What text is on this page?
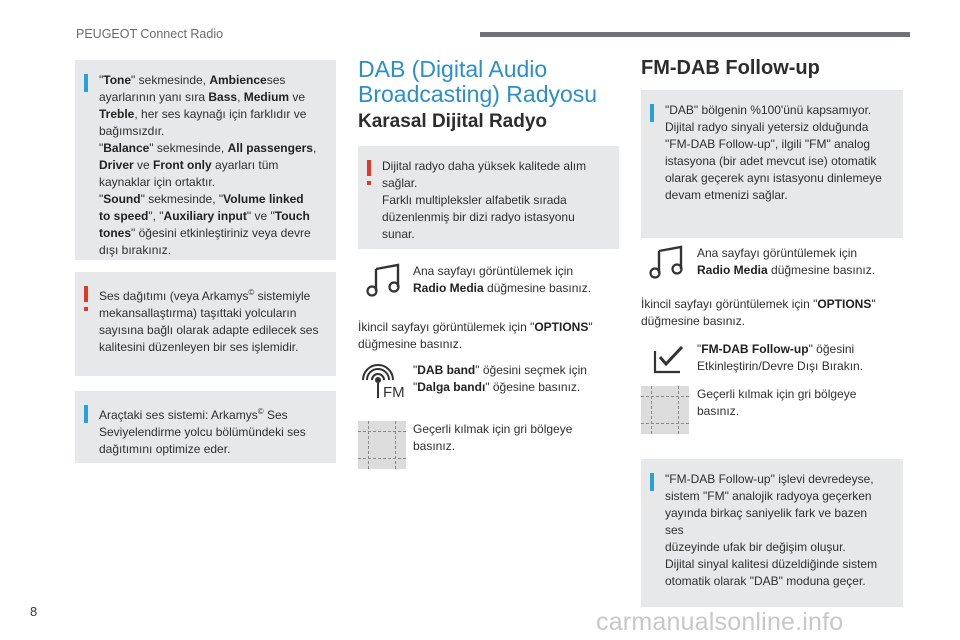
PEUGEOT Connect Radio
8	carmanualsonline.info
"Tone" sekmesinde, Ambienceses
ayarlarının yanı sıra Bass, Medium ve
Treble, her ses kaynağı için farklıdır ve
bağımsızdır.
"Balance" sekmesinde, All passengers,
Driver ve Front only ayarları tüm
kaynaklar için ortaktır.
"Sound" sekmesinde, "Volume linked
to speed", "Auxiliary input" ve "Touch
tones" öğesini etkinleştiriniz veya devre
dışı bırakınız.
Ses dağıtımı (veya Arkamys© sistemiyle
mekansallaştırma) taşıttaki yolcuların
sayısına bağlı olarak adapte edilecek ses
kalitesini düzenleyen bir ses işlemidir.
Araçtaki ses sistemi: Arkamys© Ses
Seviyelendirme yolcu bölümündeki ses
dağıtımını optimize eder.
DAB (Digital Audio
Broadcasting) Radyosu
Karasal Dijital Radyo
Dijital radyo daha yüksek kalitede alım
sağlar.
Farklı multipleksler alfabetik sırada
düzenlenmiş bir dizi radyo istasyonu
sunar.
Ana sayfayı görüntülemek için
Radio Media düğmesine basınız.
İkincil sayfayı görüntülemek için "OPTIONS"
düğmesine basınız.
FM
"DAB band" öğesini seçmek için
"Dalga bandı" öğesine basınız.
Geçerli kılmak için gri bölgeye
basınız.
FM-DAB Follow-up
"DAB" bölgenin %100'ünü kapsamıyor.
Dijital radyo sinyali yetersiz olduğunda
"FM-DAB Follow-up", ilgili "FM" analog
istasyona (bir adet mevcut ise) otomatik
olarak geçerek aynı istasyonu dinlemeye
devam etmenizi sağlar.
Ana sayfayı görüntülemek için
Radio Media düğmesine basınız.
İkincil sayfayı görüntülemek için "OPTIONS"
düğmesine basınız.
"FM-DAB Follow-up" öğesini
Etkinleştirin/Devre Dışı Bırakın.
Geçerli kılmak için gri bölgeye
basınız.
"FM-DAB Follow-up" işlevi devredeyse,
sistem "FM" analojik radyoya geçerken
yayında birkaç saniyelik fark ve bazen ses
düzeyinde ufak bir değişim oluşur.
Dijital sinyal kalitesi düzeldiğinde sistem
otomatik olarak "DAB" moduna geçer.
